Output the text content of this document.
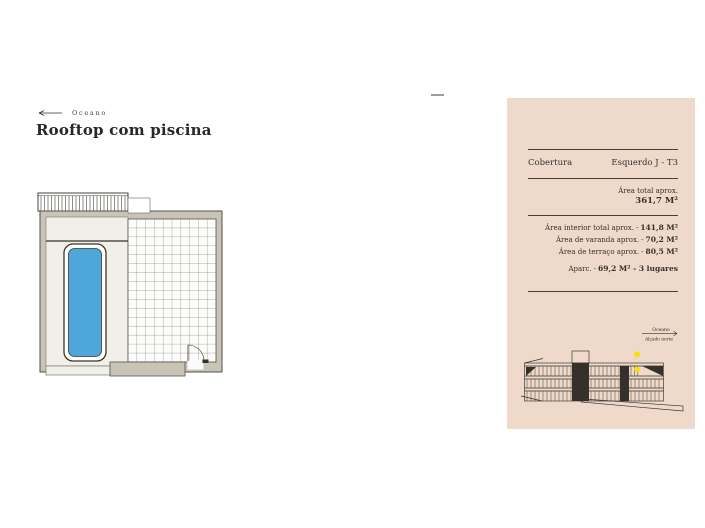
Oceano
Rooftop com piscina
Cobertura	Esquerdo J - T3
Área total aprox.
361,7 M²
Área interior total aprox. - 141,8 M²
Área de varanda aprox. - 70,2 M²
Área de terraço aprox. - 80,5 M²
Aparc. - 69,2 M² - 3 lugares
Oceano
Alçado norte
